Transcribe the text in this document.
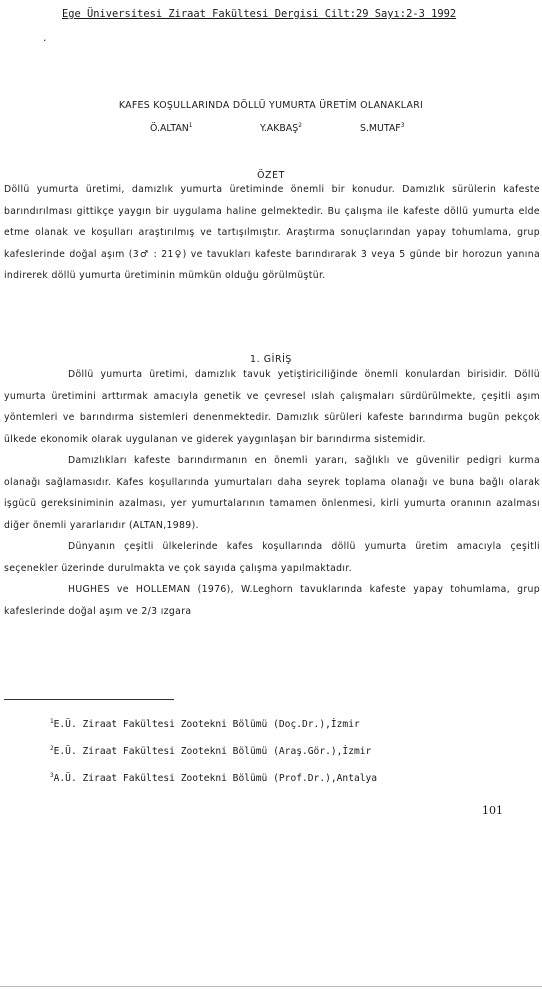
Ege Üniversitesi Ziraat Fakültesi Dergisi Cilt:29 Sayı:2-3 1992
.
KAFES KOŞULLARINDA DÖLLÜ YUMURTA ÜRETİM OLANAKLARI
Ö.ALTAN$^1$	Y.AKBAŞ$^2$	S.MUTAF$^3$
ÖZET

Döllü yumurta üretimi, damızlık yumurta üretiminde önemli bir konudur. Damızlık sürülerin kafeste barındırılması gittikçe yaygın bir uygulama haline gelmektedir. Bu çalışma ile kafeste döllü yumurta elde etme olanak ve koşulları araştırılmış ve tartışılmıştır. Araştırma sonuçlarından yapay tohumlama, grup kafeslerinde doğal aşım (3♂ : 21♀) ve tavukları kafeste barındırarak 3 veya 5 günde bir horozun yanına indirerek döllü yumurta üretiminin mümkün olduğu görülmüştür.

1. GİRİŞ

Döllü yumurta üretimi, damızlık tavuk yetiştiriciliğinde önemli konulardan birisidir. Döllü yumurta üretimini arttırmak amacıyla genetik ve çevresel ıslah çalışmaları sürdürülmekte, çeşitli aşım yöntemleri ve barındırma sistemleri denenmektedir. Damızlık sürüleri kafeste barındırma bugün pekçok ülkede ekonomik olarak uygulanan ve giderek yaygınlaşan bir barındırma sistemidir.

Damızlıkları kafeste barındırmanın en önemli yararı, sağlıklı ve güvenilir pedigri kurma olanağı sağlamasıdır. Kafes koşullarında yumurtaları daha seyrek toplama olanağı ve buna bağlı olarak işgücü gereksiniminin azalması, yer yumurtalarının tamamen önlenmesi, kirli yumurta oranının azalması diğer önemli yararlarıdır (ALTAN,1989).

Dünyanın çeşitli ülkelerinde kafes koşullarında döllü yumurta üretim amacıyla çeşitli seçenekler üzerinde durulmakta ve çok sayıda çalışma yapılmaktadır.

HUGHES ve HOLLEMAN (1976), W.Leghorn tavuklarında kafeste yapay tohumlama, grup kafeslerinde doğal aşım ve 2/3 ızgara

$^1$E.Ü. Ziraat Fakültesi Zootekni Bölümü (Doç.Dr.),İzmir
$^2$E.Ü. Ziraat Fakültesi Zootekni Bölümü (Araş.Gör.),İzmir
$^3$A.Ü. Ziraat Fakültesi Zootekni Bölümü (Prof.Dr.),Antalya
101
